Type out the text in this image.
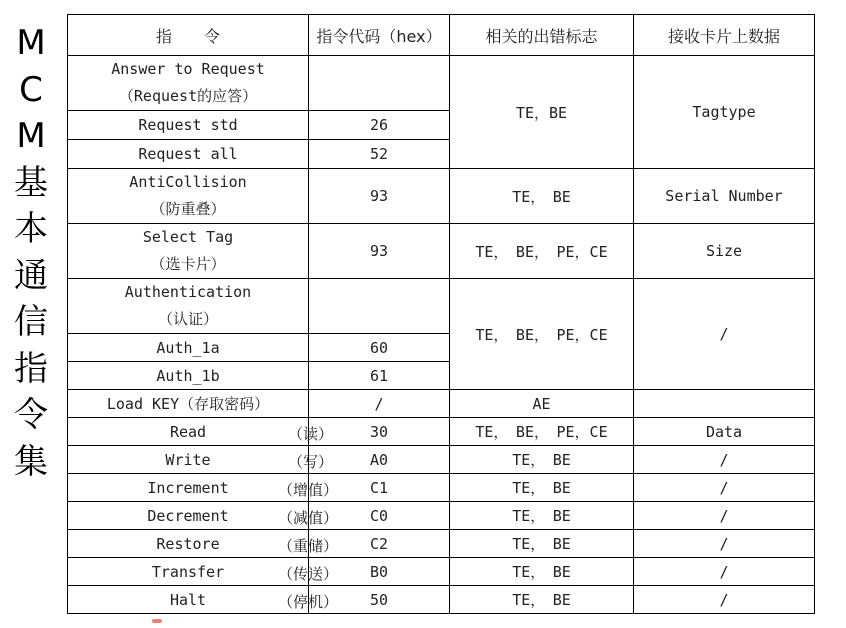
M
C
M
基
本
通
信
指
令
集
指　　令	指令代码（hex）	相关的出错标志	接收卡片上数据

Answer to Request
（Request的应答）		TE，BE	Tagtype
Request std	26		
Request all	52		

AntiCollision
（防重叠）	93	TE，　BE	Serial Number

Select Tag
（选卡片）	93	TE，　BE，　PE，CE	Size

Authentication
（认证）		TE，　BE，　PE，CE	/
Auth_1a	60		
Auth_1b	61		
Load KEY（存取密码）	/	AE	
Read （读）	30	TE，　BE，　PE，CE	Data
Write （写）	A0	TE，　BE	/
Increment （增值）	C1	TE，　BE	/
Decrement （减值）	C0	TE，　BE	/
Restore （重储）	C2	TE，　BE	/
Transfer （传送）	B0	TE，　BE	/
Halt （停机）	50	TE，　BE	/
